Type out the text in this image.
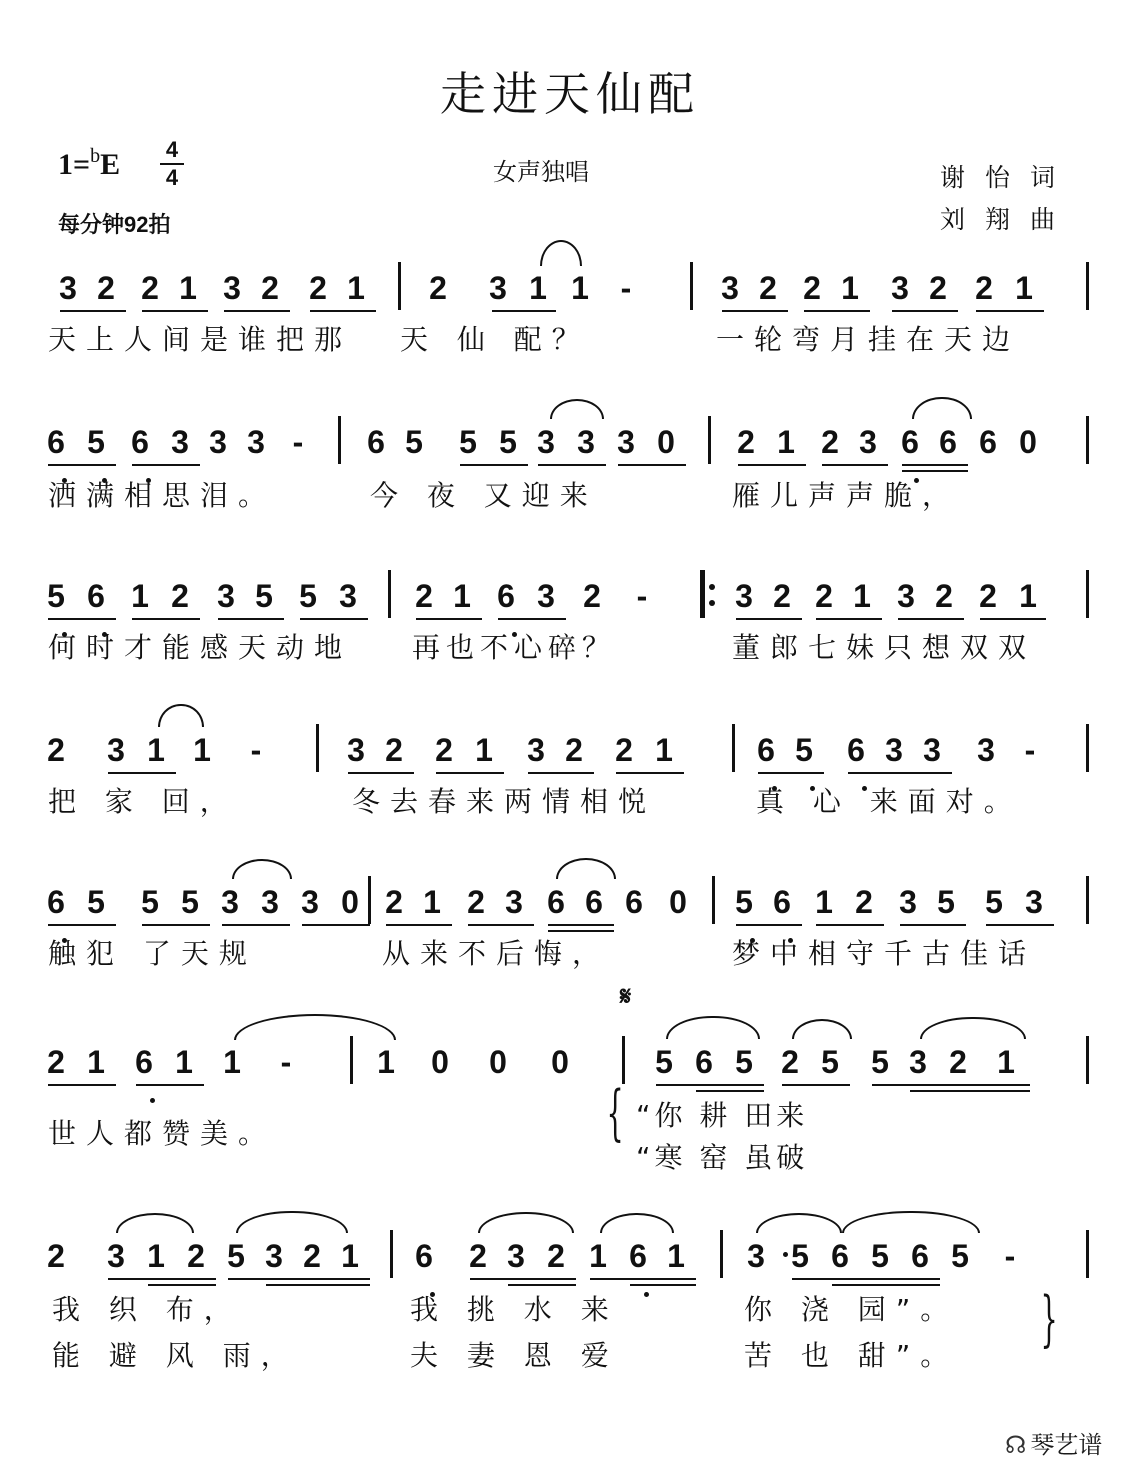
走进天仙配
1=$^b$E 4
4
每分钟92拍
女声独唱	谢怡词
刘翔曲
3 2 2 1 3 2 2 1 2 3 1 1 -	3 2 2 1 3 2 2 1
6 5 6 3 3 3 - 6 5 5 5 3 3 3 0 2 1 2 3 6 6 6 0
5 6 1 2 3 5 5 3 2 1 6 3 2 -	3 2 2 1 3 2 2 1
2 3 1 1 -	3 2 2 1 3 2 2 1	6 5 6 3 3 3 -
6 5 5 5 3 3 3 0 2 1 2 3 6 6 6 0 5 6 1 2 3 5 5 3
2 1 6 1 1 -	1 0 0 0	5 6 5 2 5 5 3 2 1
𝄋
2 3 1 2 5 3 2 1 6 2 3 2 1 6 1 3 5 6 5 6 5 -
天上人间是谁把那 天 仙 配？	一轮弯月挂在天边
洒满相思泪。	今 夜 又迎来	雁儿声声脆，
何时才能感天动地 再也不心碎？	董郎七妹只想双双
把 家 回，	冬去春来两情相悦	真 心 来面对。
触犯 了天规	从来不后悔，	梦中相守千古佳话
世人都赞美。	{ “你 耕 田来
“寒 窑 虽破
我 织 布，	我 挑 水 来	你 浇 园”。
能 避 风 雨，	夫 妻 恩 爱	苦 也 甜”。
}
☊ 琴艺谱
